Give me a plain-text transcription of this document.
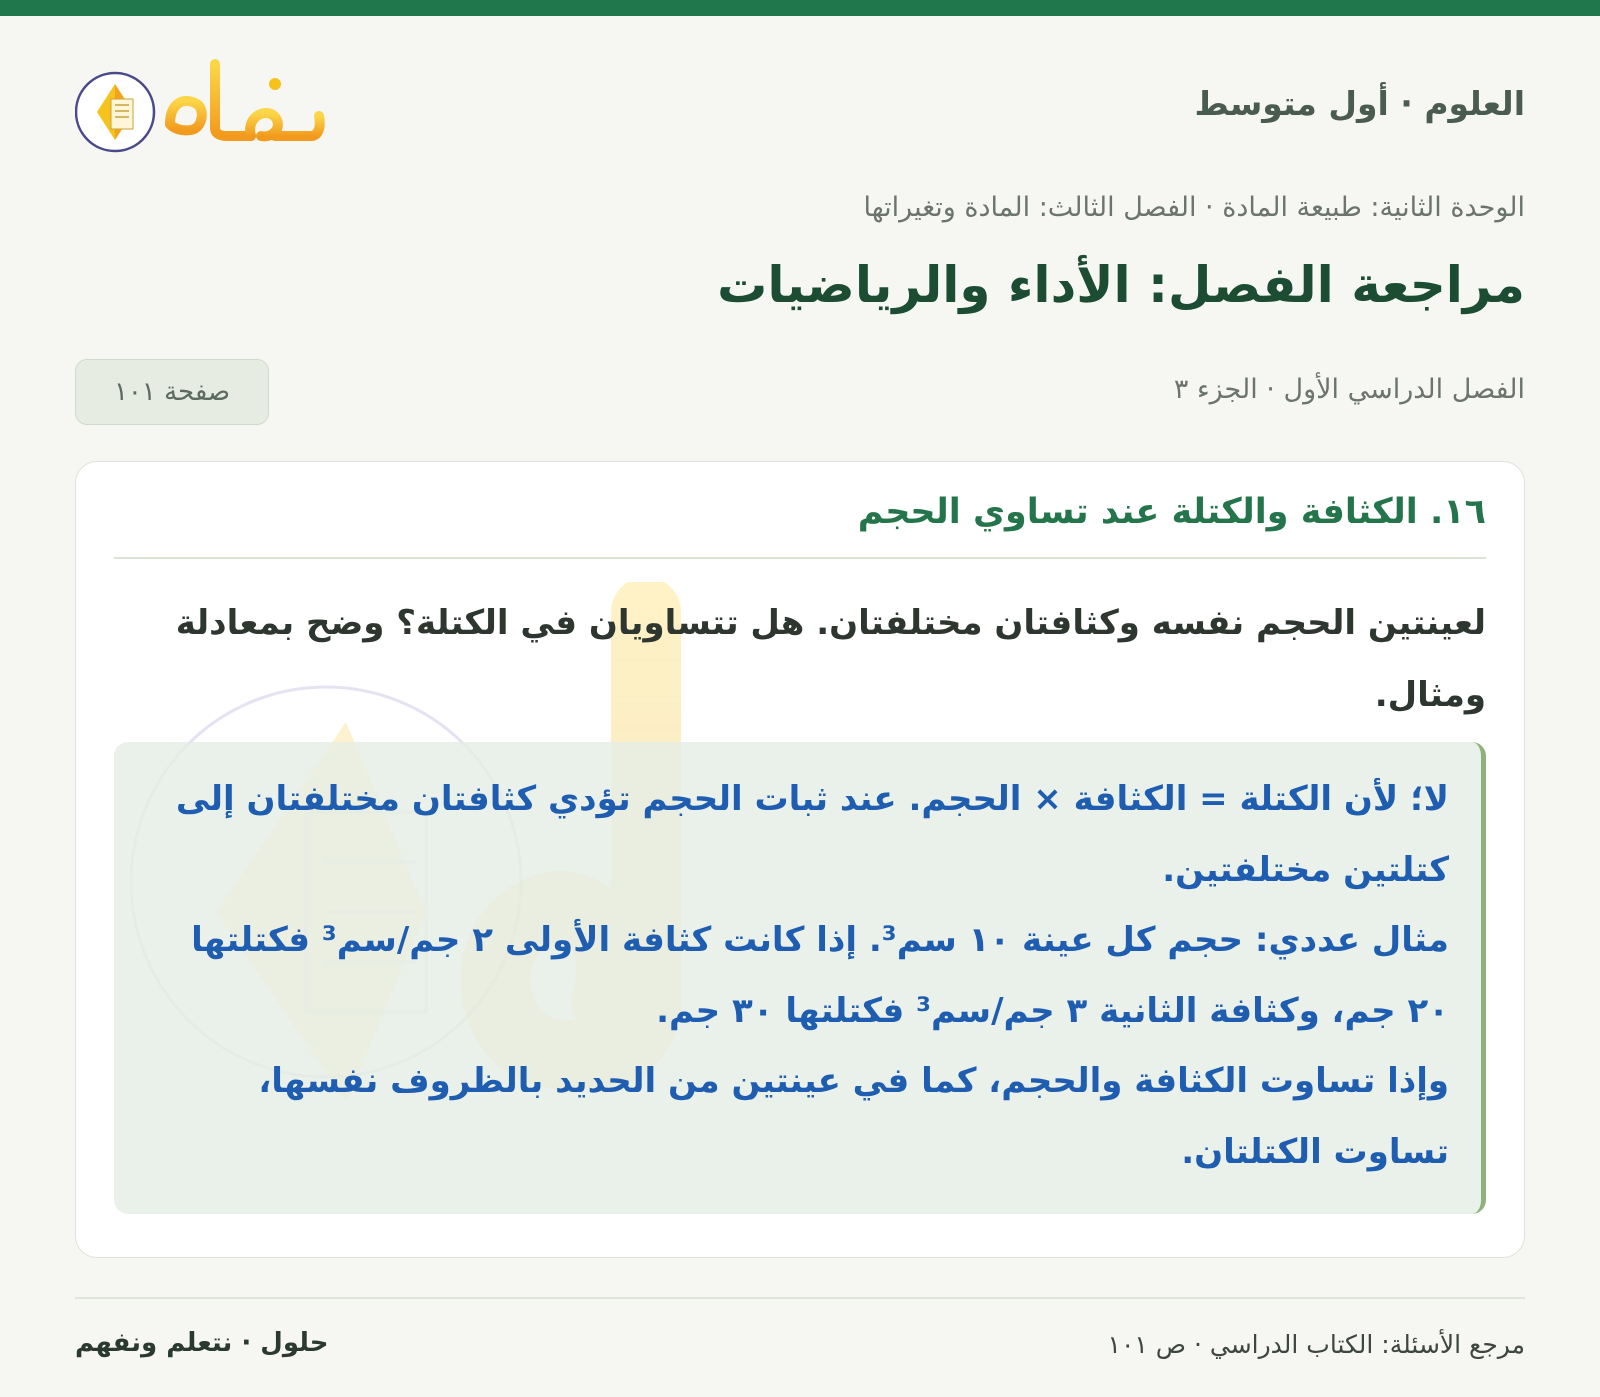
العلوم · أول متوسط
الوحدة الثانية: طبيعة المادة · الفصل الثالث: المادة وتغيراتها
مراجعة الفصل: الأداء والرياضيات
الفصل الدراسي الأول · الجزء ٣
صفحة ١٠١
١٦. الكثافة والكتلة عند تساوي الحجم

لعينتين الحجم نفسه وكثافتان مختلفتان. هل تتساويان في الكتلة؟ وضح بمعادلة ومثال.

لا؛ لأن الكتلة = الكثافة × الحجم. عند ثبات الحجم تؤدي كثافتان مختلفتان إلى كتلتين مختلفتين.

مثال عددي: حجم كل عينة ١٠ سم³. إذا كانت كثافة الأولى ٢ جم/سم³ فكتلتها ٢٠ جم، وكثافة الثانية ٣ جم/سم³ فكتلتها ٣٠ جم.

وإذا تساوت الكثافة والحجم، كما في عينتين من الحديد بالظروف نفسها، تساوت الكتلتان.

مرجع الأسئلة: الكتاب الدراسي · ص ١٠١
حلول · نتعلم ونفهم
